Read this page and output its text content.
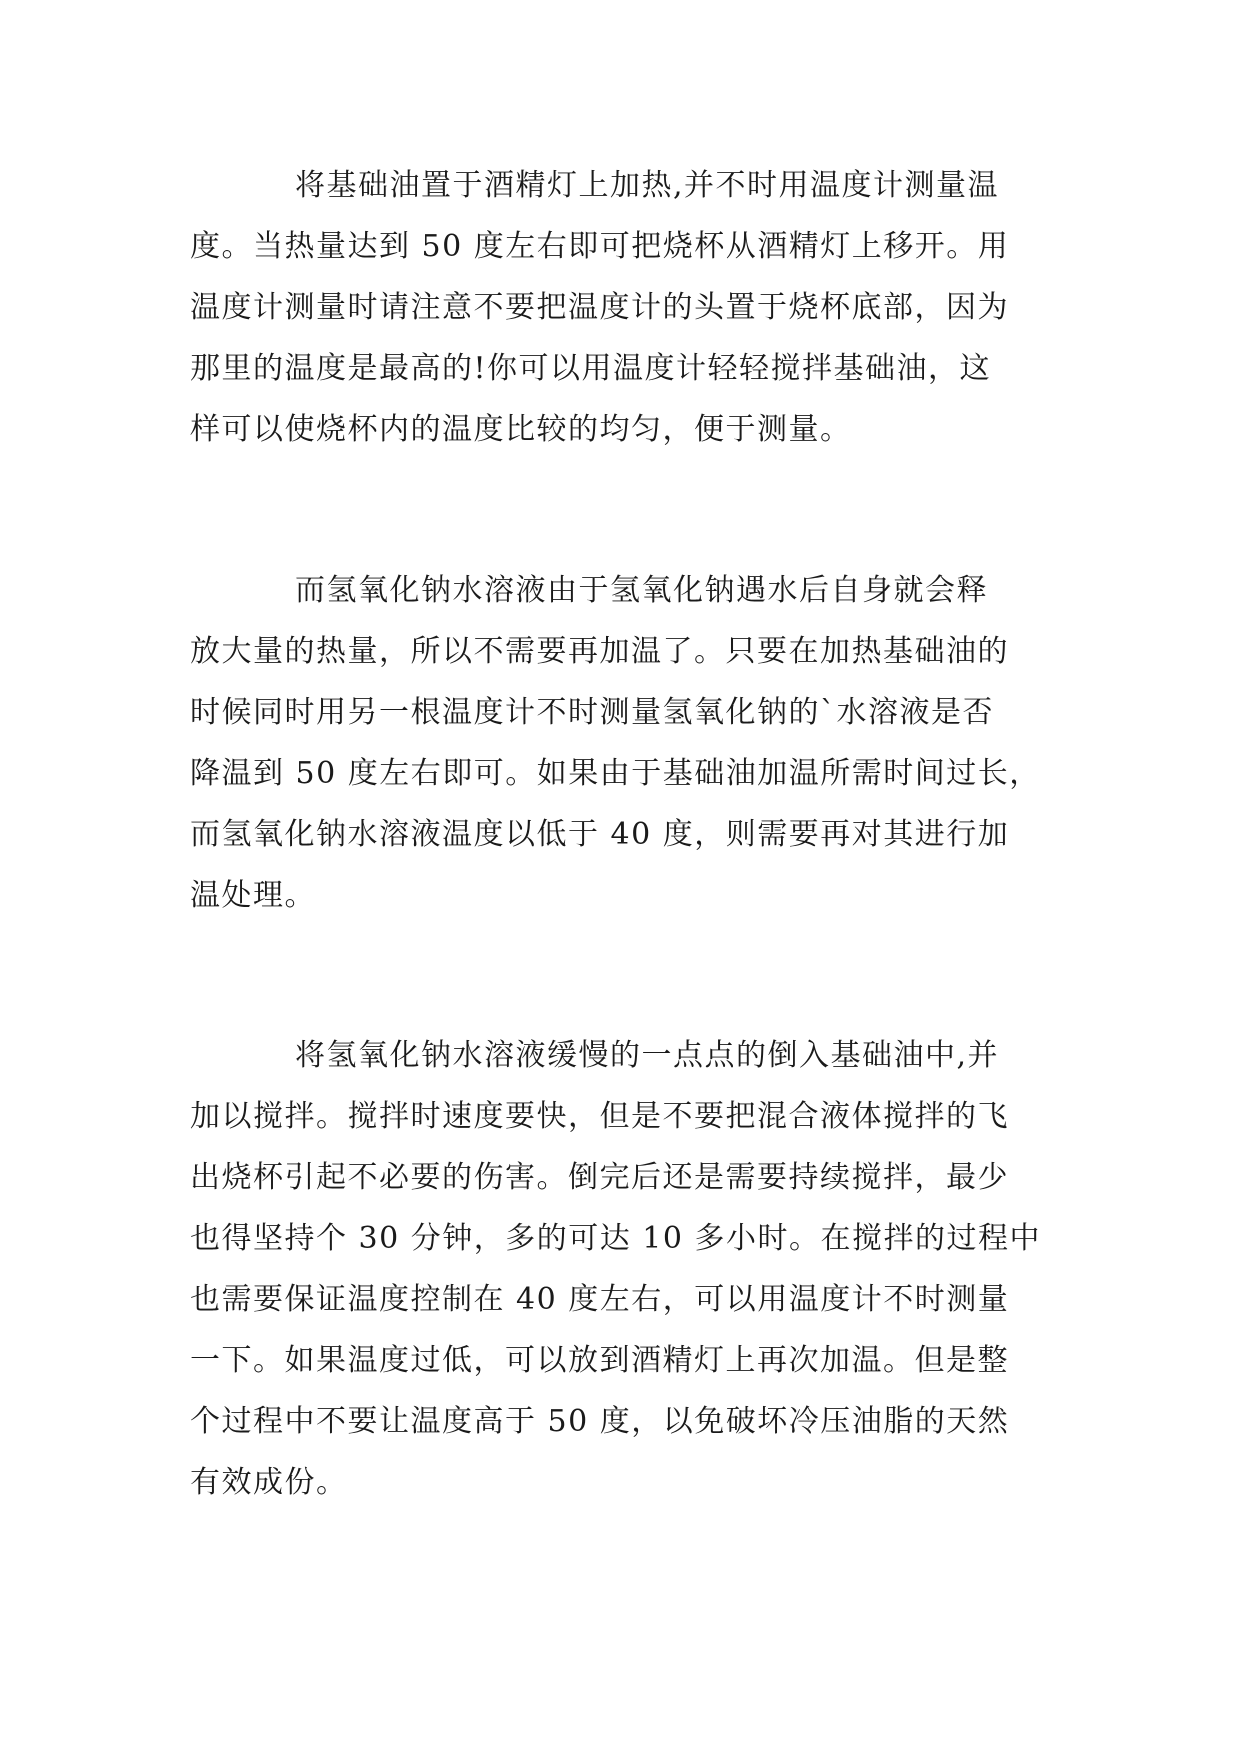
将基础油置于酒精灯上加热,并不时用温度计测量温
度。当热量达到 50 度左右即可把烧杯从酒精灯上移开。用
温度计测量时请注意不要把温度计的头置于烧杯底部，因为
那里的温度是最高的!你可以用温度计轻轻搅拌基础油，这
样可以使烧杯内的温度比较的均匀，便于测量。
而氢氧化钠水溶液由于氢氧化钠遇水后自身就会释
放大量的热量，所以不需要再加温了。只要在加热基础油的
时候同时用另一根温度计不时测量氢氧化钠的`水溶液是否
降温到 50 度左右即可。如果由于基础油加温所需时间过长，
而氢氧化钠水溶液温度以低于 40 度，则需要再对其进行加
温处理。
将氢氧化钠水溶液缓慢的一点点的倒入基础油中,并
加以搅拌。搅拌时速度要快，但是不要把混合液体搅拌的飞
出烧杯引起不必要的伤害。倒完后还是需要持续搅拌，最少
也得坚持个 30 分钟，多的可达 10 多小时。在搅拌的过程中
也需要保证温度控制在 40 度左右，可以用温度计不时测量
一下。如果温度过低，可以放到酒精灯上再次加温。但是整
个过程中不要让温度高于 50 度，以免破坏冷压油脂的天然
有效成份。
